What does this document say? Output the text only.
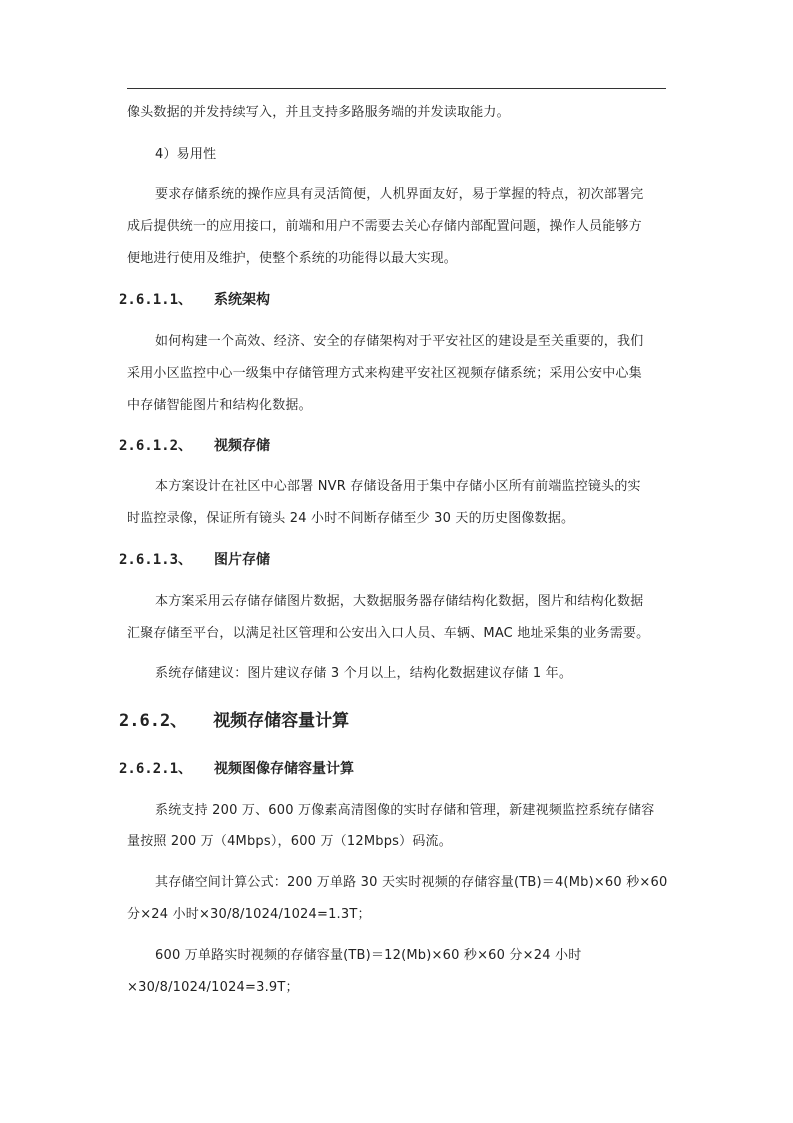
像头数据的并发持续写入，并且支持多路服务端的并发读取能力。
4）易用性
要求存储系统的操作应具有灵活简便，人机界面友好，易于掌握的特点，初次部署完
成后提供统一的应用接口，前端和用户不需要去关心存储内部配置问题，操作人员能够方
便地进行使用及维护，使整个系统的功能得以最大实现。
2.6.1.1、 系统架构
如何构建一个高效、经济、安全的存储架构对于平安社区的建设是至关重要的，我们
采用小区监控中心一级集中存储管理方式来构建平安社区视频存储系统；采用公安中心集
中存储智能图片和结构化数据。
2.6.1.2、 视频存储
本方案设计在社区中心部署 NVR 存储设备用于集中存储小区所有前端监控镜头的实
时监控录像，保证所有镜头 24 小时不间断存储至少 30 天的历史图像数据。
2.6.1.3、 图片存储
本方案采用云存储存储图片数据，大数据服务器存储结构化数据，图片和结构化数据
汇聚存储至平台，以满足社区管理和公安出入口人员、车辆、MAC 地址采集的业务需要。
系统存储建议：图片建议存储 3 个月以上，结构化数据建议存储 1 年。
2.6.2、 视频存储容量计算
2.6.2.1、 视频图像存储容量计算
系统支持 200 万、600 万像素高清图像的实时存储和管理，新建视频监控系统存储容
量按照 200 万（4Mbps），600 万（12Mbps）码流。
其存储空间计算公式：200 万单路 30 天实时视频的存储容量(TB)＝4(Mb)×60 秒×60
分×24 小时×30/8/1024/1024=1.3T；
600 万单路实时视频的存储容量(TB)＝12(Mb)×60 秒×60 分×24 小时
×30/8/1024/1024=3.9T；
